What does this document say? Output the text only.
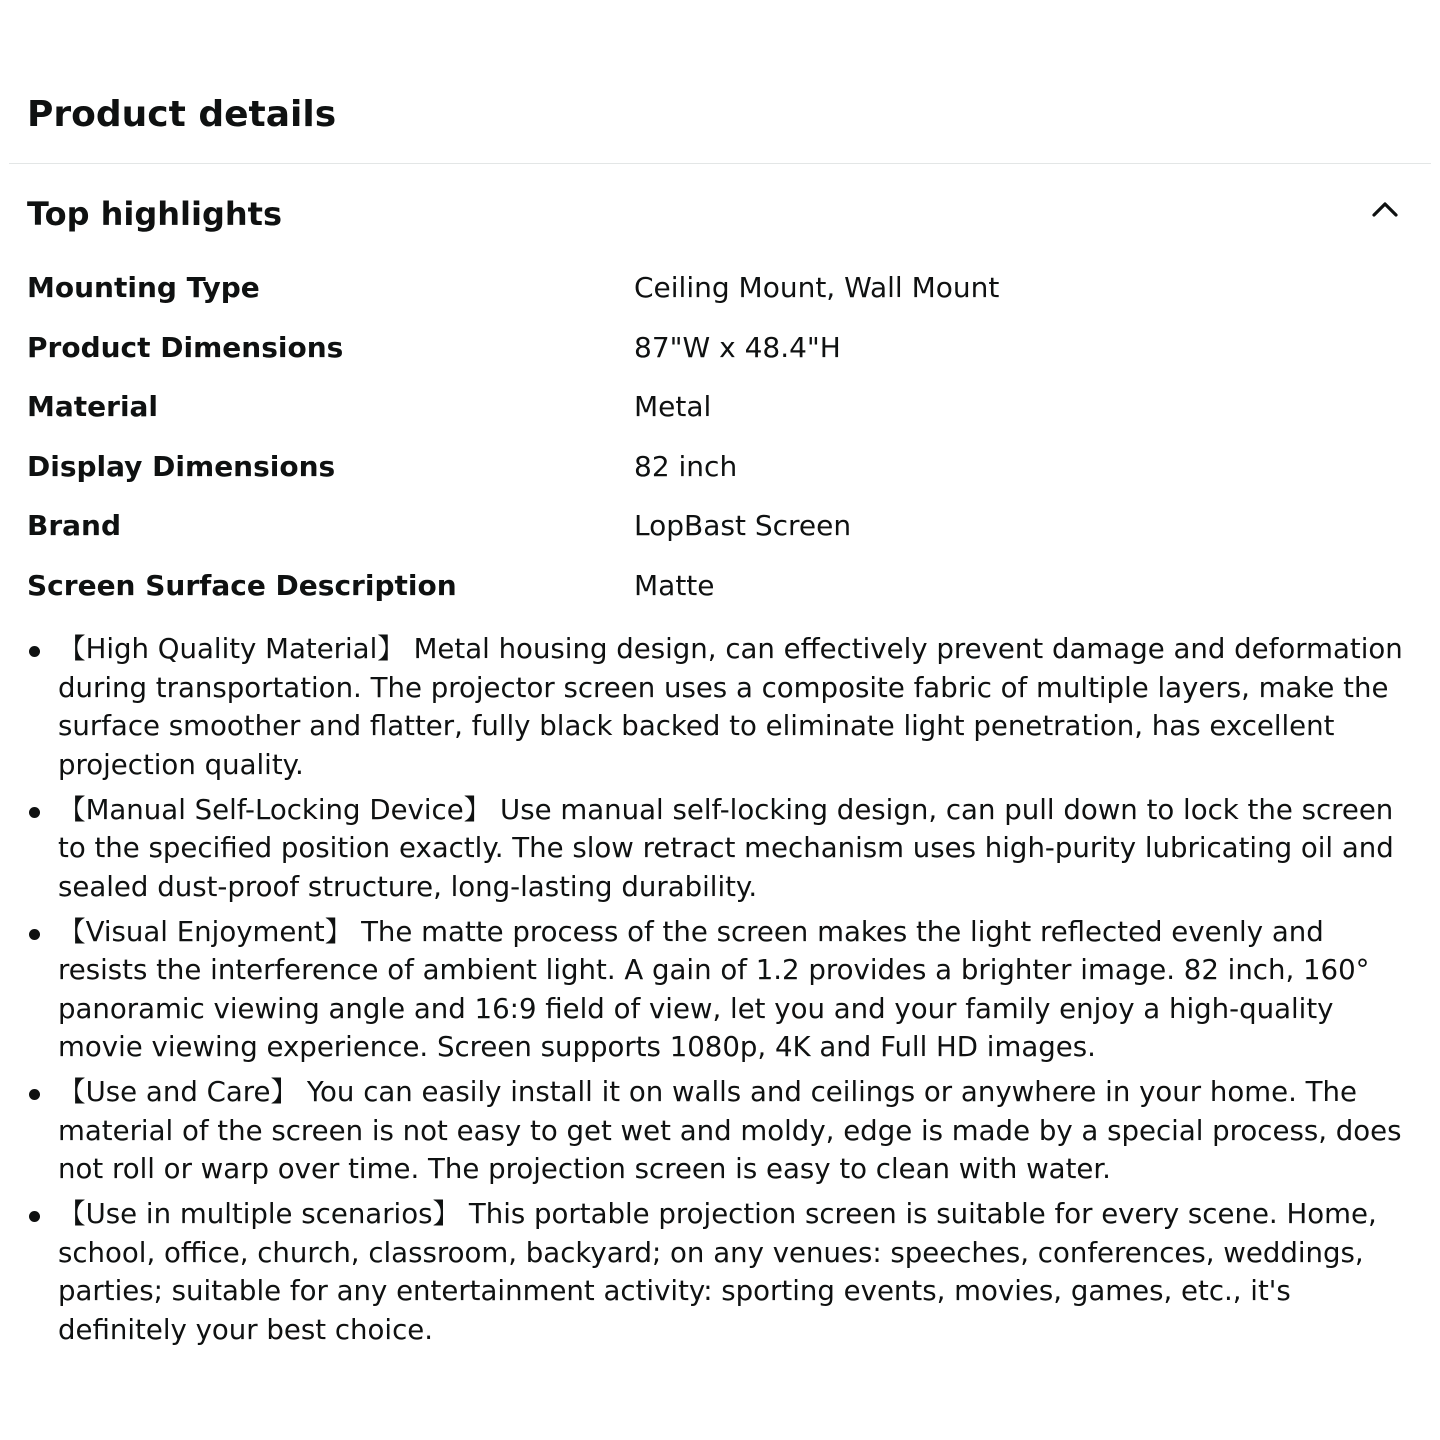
Product details
Top highlights
Mounting Type	Ceiling Mount, Wall Mount
Product Dimensions	87"W x 48.4"H
Material	Metal
Display Dimensions	82 inch
Brand	LopBast Screen
Screen Surface Description	Matte
【High Quality Material】 Metal housing design, can effectively prevent damage and deformation during transportation. The projector screen uses a composite fabric of multiple layers, make the surface smoother and flatter, fully black backed to eliminate light penetration, has excellent projection quality.
【Manual Self-Locking Device】 Use manual self-locking design, can pull down to lock the screen to the specified position exactly. The slow retract mechanism uses high-purity lubricating oil and sealed dust-proof structure, long-lasting durability.
【Visual Enjoyment】 The matte process of the screen makes the light reflected evenly and resists the interference of ambient light. A gain of 1.2 provides a brighter image. 82 inch, 160° panoramic viewing angle and 16:9 field of view, let you and your family enjoy a high-quality movie viewing experience. Screen supports 1080p, 4K and Full HD images.
【Use and Care】 You can easily install it on walls and ceilings or anywhere in your home. The material of the screen is not easy to get wet and moldy, edge is made by a special process, does not roll or warp over time. The projection screen is easy to clean with water.
【Use in multiple scenarios】 This portable projection screen is suitable for every scene. Home, school, office, church, classroom, backyard; on any venues: speeches, conferences, weddings, parties; suitable for any entertainment activity: sporting events, movies, games, etc., it's definitely your best choice.
